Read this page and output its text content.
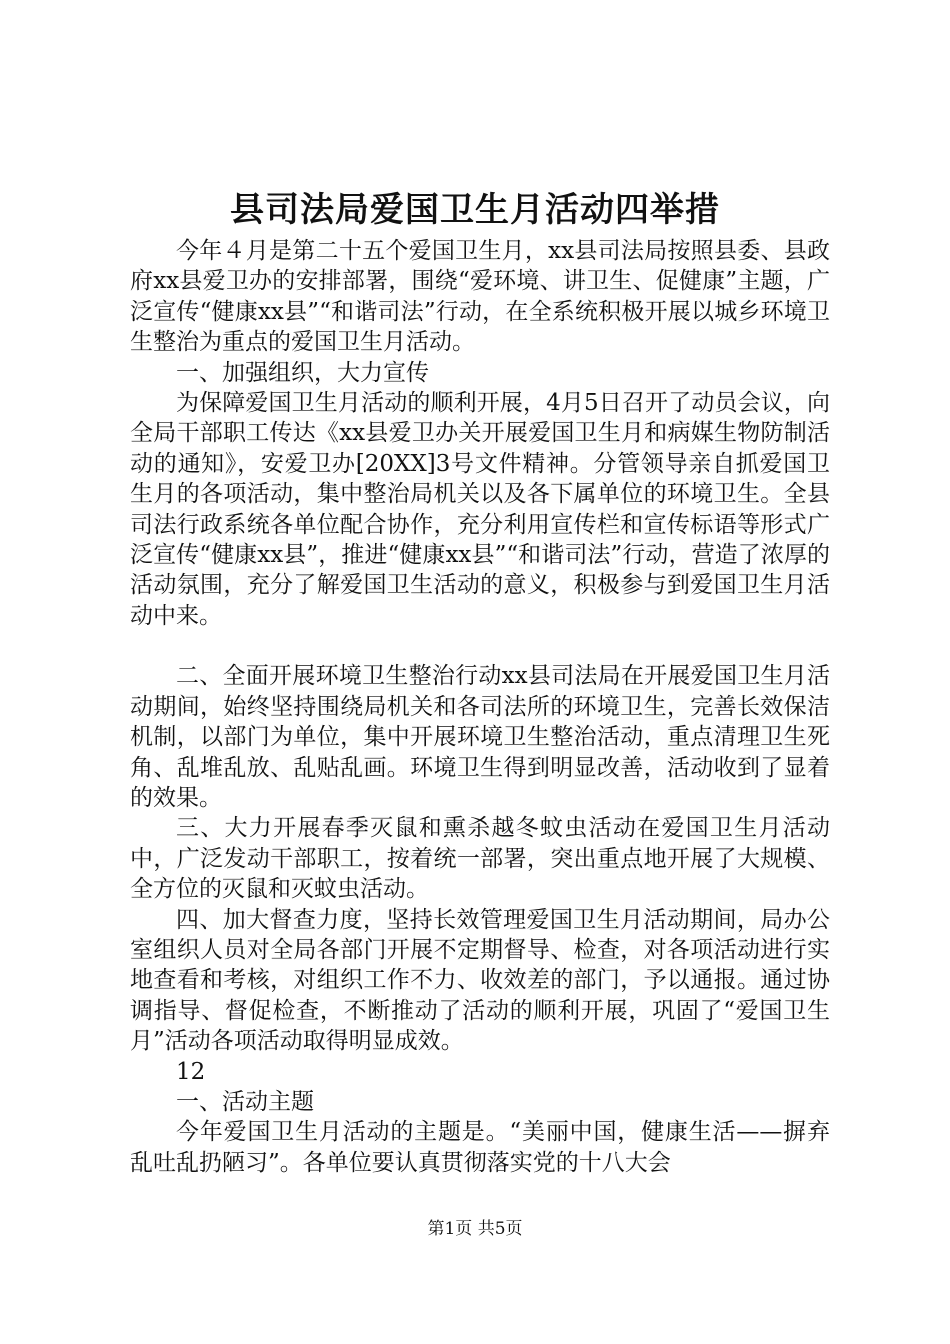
县司法局爱国卫生月活动四举措

今年４月是第二十五个爱国卫生月，xx县司法局按照县委、县政府xx县爱卫办的安排部署，围绕“爱环境、讲卫生、促健康”主题，广泛宣传“健康xx县”“和谐司法”行动，在全系统积极开展以城乡环境卫生整治为重点的爱国卫生月活动。

一、加强组织，大力宣传

为保障爱国卫生月活动的顺利开展，4月5日召开了动员会议，向全局干部职工传达《xx县爱卫办关开展爱国卫生月和病媒生物防制活动的通知》，安爱卫办[20XX]3号文件精神。分管领导亲自抓爱国卫生月的各项活动，集中整治局机关以及各下属单位的环境卫生。全县司法行政系统各单位配合协作，充分利用宣传栏和宣传标语等形式广泛宣传“健康xx县”，推进“健康xx县”“和谐司法”行动，营造了浓厚的活动氛围，充分了解爱国卫生活动的意义，积极参与到爱国卫生月活动中来。

二、全面开展环境卫生整治行动xx县司法局在开展爱国卫生月活动期间，始终坚持围绕局机关和各司法所的环境卫生，完善长效保洁机制，以部门为单位，集中开展环境卫生整治活动，重点清理卫生死角、乱堆乱放、乱贴乱画。环境卫生得到明显改善，活动收到了显着的效果。

三、大力开展春季灭鼠和熏杀越冬蚊虫活动在爱国卫生月活动中，广泛发动干部职工，按着统一部署，突出重点地开展了大规模、全方位的灭鼠和灭蚊虫活动。

四、加大督查力度，坚持长效管理爱国卫生月活动期间，局办公室组织人员对全局各部门开展不定期督导、检查，对各项活动进行实地查看和考核，对组织工作不力、收效差的部门，予以通报。通过协调指导、督促检查，不断推动了活动的顺利开展，巩固了“爱国卫生月”活动各项活动取得明显成效。

12

一、活动主题

今年爱国卫生月活动的主题是。“美丽中国，健康生活——摒弃乱吐乱扔陋习”。各单位要认真贯彻落实党的十八大会

第1页 共5页
